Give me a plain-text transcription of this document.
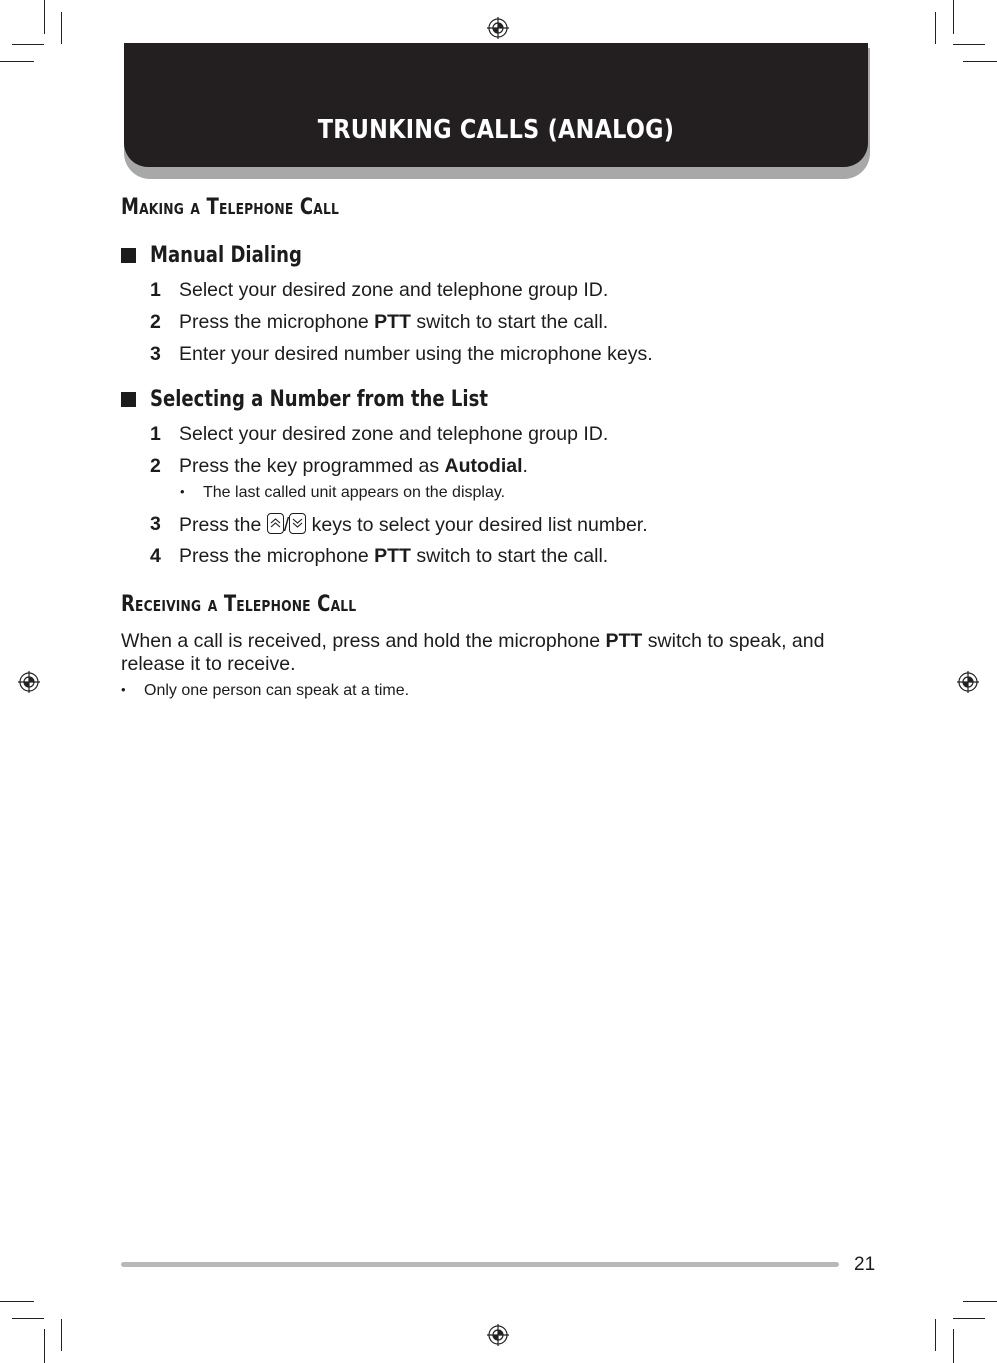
TRUNKING CALLS (ANALOG)
Making a Telephone Call
Manual Dialing
1 Select your desired zone and telephone group ID.
2 Press the microphone PTT switch to start the call.
3 Enter your desired number using the microphone keys.
Selecting a Number from the List
1 Select your desired zone and telephone group ID.
2 Press the key programmed as Autodial.
• The last called unit appears on the display.
3 Press the
/
keys to select your desired list number.
4 Press the microphone PTT switch to start the call.
Receiving a Telephone Call
When a call is received, press and hold the microphone PTT switch to speak, and release it to receive.
• Only one person can speak at a time.
21
